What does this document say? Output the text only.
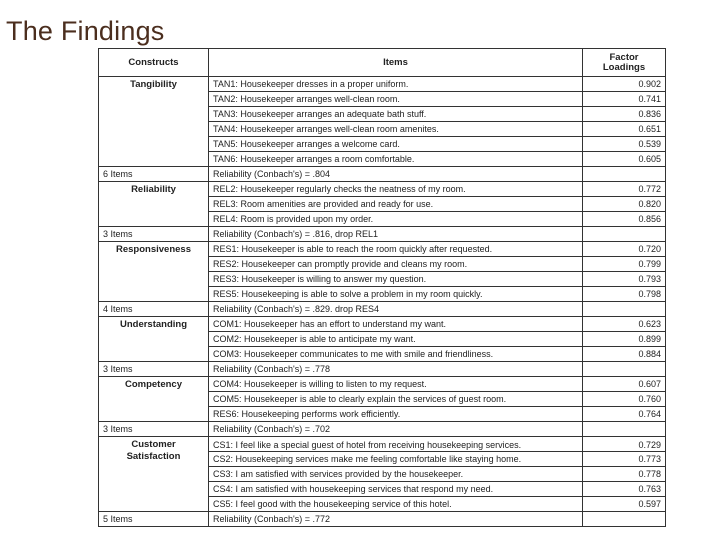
The Findings
Constructs	Items	Factor
Loadings
Tangibility	TAN1: Housekeeper dresses in a proper uniform.	0.902
	TAN2: Housekeeper arranges well-clean room.	0.741
	TAN3: Housekeeper arranges an adequate bath stuff.	0.836
	TAN4: Housekeeper arranges well-clean room amenites.	0.651
	TAN5: Housekeeper arranges a welcome card.	0.539
	TAN6: Housekeeper arranges a room comfortable.	0.605
6 Items	Reliability (Conbach's) = .804	
Reliability	REL2: Housekeeper regularly checks the neatness of my room.	0.772
	REL3: Room amenities are provided and ready for use.	0.820
	REL4: Room is provided upon my order.	0.856
3 Items	Reliability (Conbach's) = .816, drop REL1	
Responsiveness	RES1: Housekeeper is able to reach the room quickly after requested.	0.720
	RES2: Housekeeper can promptly provide and cleans my room.	0.799
	RES3: Housekeeper is willing to answer my question.	0.793
	RES5: Housekeeping is able to solve a problem in my room quickly.	0.798
4 Items	Reliability (Conbach's) = .829. drop RES4	
Understanding	COM1: Housekeeper has an effort to understand my want.	0.623
	COM2: Housekeeper is able to anticipate my want.	0.899
	COM3: Housekeeper communicates to me with smile and friendliness.	0.884
3 Items	Reliability (Conbach's) = .778	
Competency	COM4: Housekeeper is willing to listen to my request.	0.607
	COM5: Housekeeper is able to clearly explain the services of guest room.	0.760
	RES6: Housekeeping performs work efficiently.	0.764
3 Items	Reliability (Conbach's) = .702	
Customer
Satisfaction	CS1: I feel like a special guest of hotel from receiving housekeeping services.	0.729
	CS2: Housekeeping services make me feeling comfortable like staying home.	0.773
	CS3: I am satisfied with services provided by the housekeeper.	0.778
	CS4: I am satisfied with housekeeping services that respond my need.	0.763
	CS5: I feel good with the housekeeping service of this hotel.	0.597
5 Items	Reliability (Conbach's) = .772	
